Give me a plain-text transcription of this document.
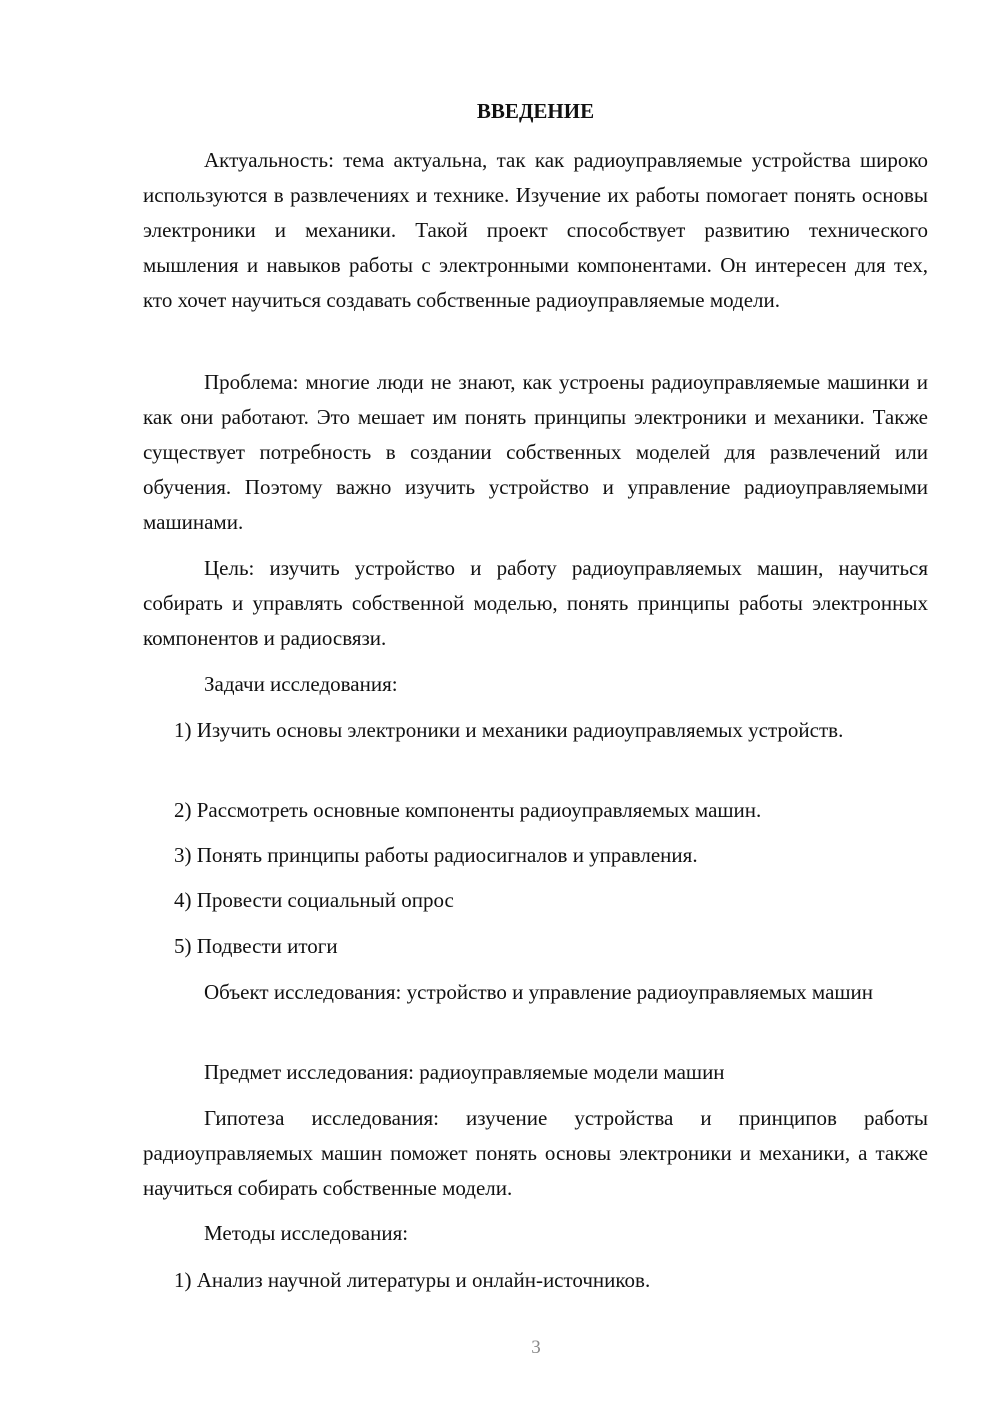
ВВЕДЕНИЕ

Актуальность: тема актуальна, так как радиоуправляемые устройства широко используются в развлечениях и технике. Изучение их работы помогает понять основы электроники и механики. Такой проект способствует развитию технического мышления и навыков работы с электронными компонентами. Он интересен для тех, кто хочет научиться создавать собственные радиоуправляемые модели.

Проблема: многие люди не знают, как устроены радиоуправляемые машинки и как они работают. Это мешает им понять принципы электроники и механики. Также существует потребность в создании собственных моделей для развлечений или обучения. Поэтому важно изучить устройство и управление радиоуправляемыми машинами.

Цель: изучить устройство и работу радиоуправляемых машин, научиться собирать и управлять собственной моделью, понять принципы работы электронных компонентов и радиосвязи.

Задачи исследования:

1) Изучить основы электроники и механики радиоуправляемых устройств.

2) Рассмотреть основные компоненты радиоуправляемых машин.

3) Понять принципы работы радиосигналов и управления.

4) Провести социальный опрос

5) Подвести итоги

Объект исследования: устройство и управление радиоуправляемых машин

Предмет исследования: радиоуправляемые модели машин

Гипотеза исследования: изучение устройства и принципов работы радиоуправляемых машин поможет понять основы электроники и механики, а также научиться собирать собственные модели.

Методы исследования:

1) Анализ научной литературы и онлайн-источников.

3
